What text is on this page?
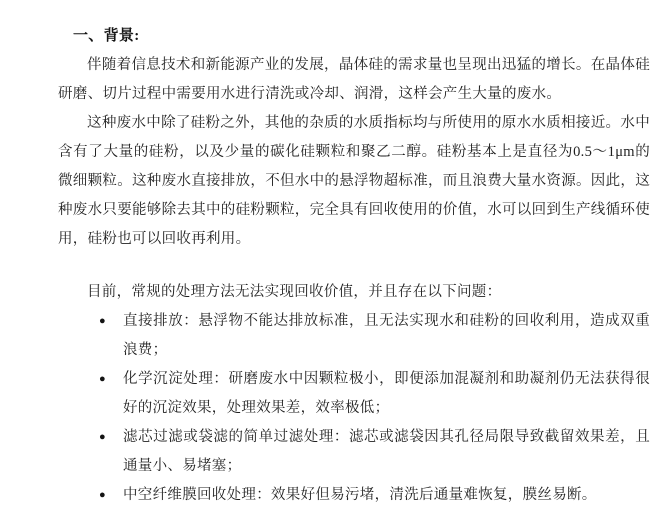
一、背景:

伴随着信息技术和新能源产业的发展，晶体硅的需求量也呈现出迅猛的增长。在晶体硅研磨、切片过程中需要用水进行清洗或冷却、润滑，这样会产生大量的废水。

这种废水中除了硅粉之外，其他的杂质的水质指标均与所使用的原水水质相接近。水中含有了大量的硅粉，以及少量的碳化硅颗粒和聚乙二醇。硅粉基本上是直径为0.5～1μm的微细颗粒。这种废水直接排放，不但水中的悬浮物超标准，而且浪费大量水资源。因此，这种废水只要能够除去其中的硅粉颗粒，完全具有回收使用的价值，水可以回到生产线循环使用，硅粉也可以回收再利用。

目前，常规的处理方法无法实现回收价值，并且存在以下问题：

●	直接排放：悬浮物不能达排放标准，且无法实现水和硅粉的回收利用，造成双重浪费；
●	化学沉淀处理：研磨废水中因颗粒极小，即便添加混凝剂和助凝剂仍无法获得很好的沉淀效果，处理效果差，效率极低；
●	滤芯过滤或袋滤的简单过滤处理：滤芯或滤袋因其孔径局限导致截留效果差，且通量小、易堵塞；
●	中空纤维膜回收处理：效果好但易污堵，清洗后通量难恢复，膜丝易断。
